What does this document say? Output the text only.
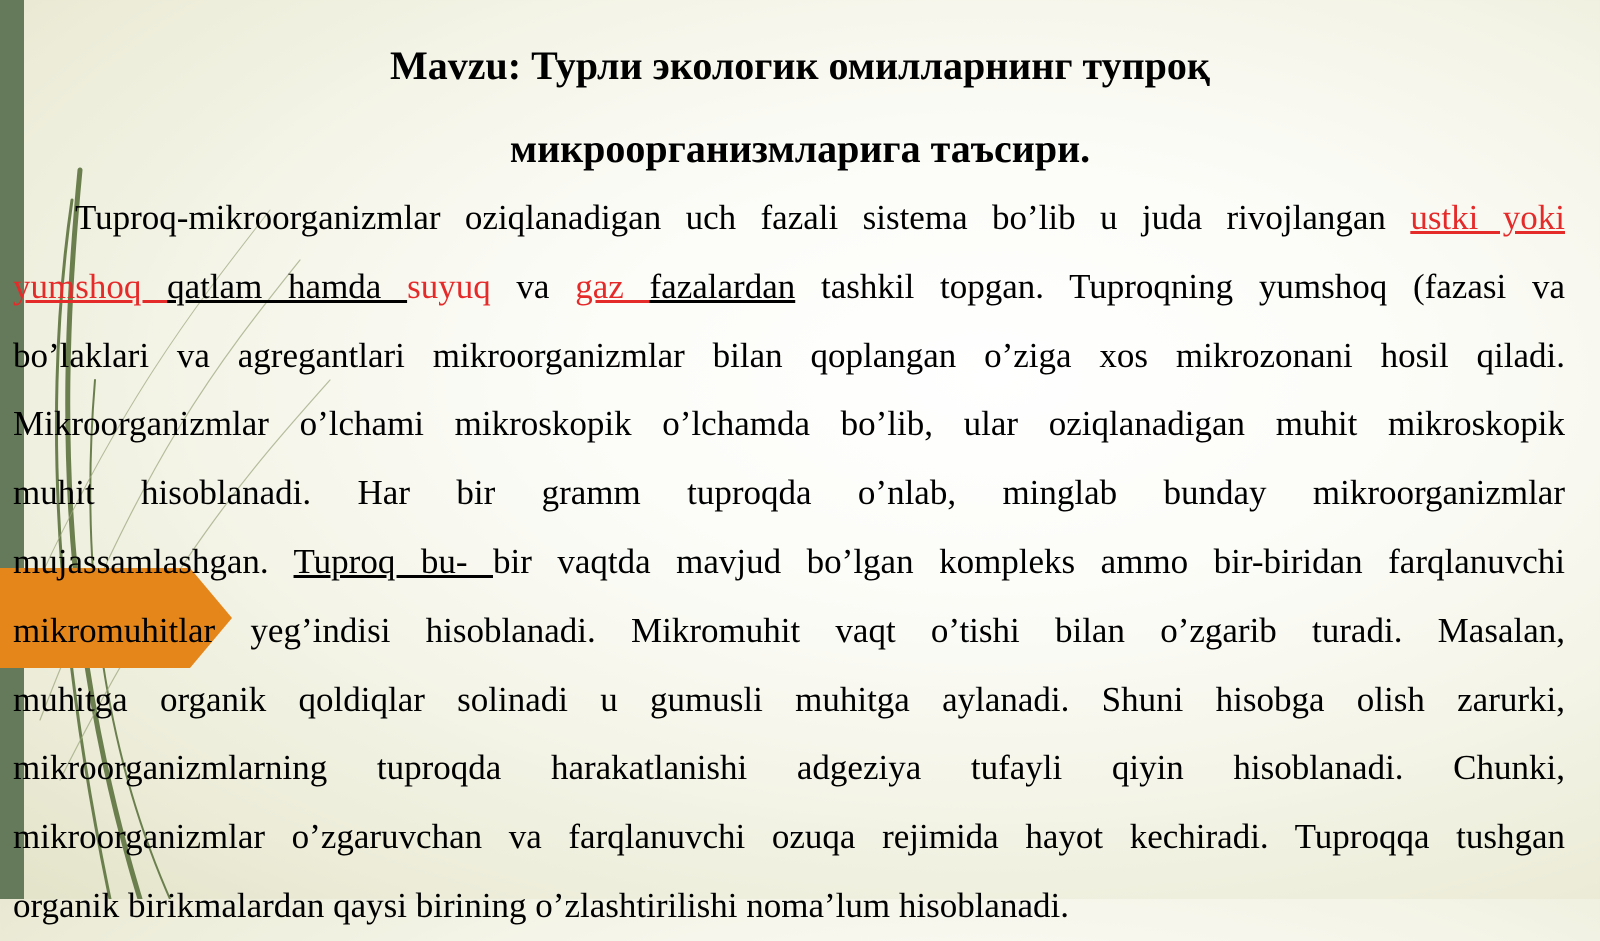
Mavzu: Турли экологик омилларнинг тупроқ
микроорганизмларига таъсири.
Tuproq-mikroorganizmlar oziqlanadigan uch fazali sistema bo’lib u juda rivojlangan ustki yoki
yumshoq qatlam hamda suyuq va gaz fazalardan tashkil topgan. Tuproqning yumshoq (fazasi va
bo’laklari va agregantlari mikroorganizmlar bilan qoplangan o’ziga xos mikrozonani hosil qiladi.
Mikroorganizmlar o’lchami mikroskopik o’lchamda bo’lib, ular oziqlanadigan muhit mikroskopik
muhit hisoblanadi. Har bir gramm tuproqda o’nlab, minglab bunday mikroorganizmlar
mujassamlashgan. Tuproq bu- bir vaqtda mavjud bo’lgan kompleks ammo bir-biridan farqlanuvchi
mikromuhitlar yeg’indisi hisoblanadi. Mikromuhit vaqt o’tishi bilan o’zgarib turadi. Masalan,
muhitga organik qoldiqlar solinadi u gumusli muhitga aylanadi. Shuni hisobga olish zarurki,
mikroorganizmlarning tuproqda harakatlanishi adgeziya tufayli qiyin hisoblanadi. Chunki,
mikroorganizmlar o’zgaruvchan va farqlanuvchi ozuqa rejimida hayot kechiradi. Tuproqqa tushgan
organik birikmalardan qaysi birining o’zlashtirilishi noma’lum hisoblanadi.
